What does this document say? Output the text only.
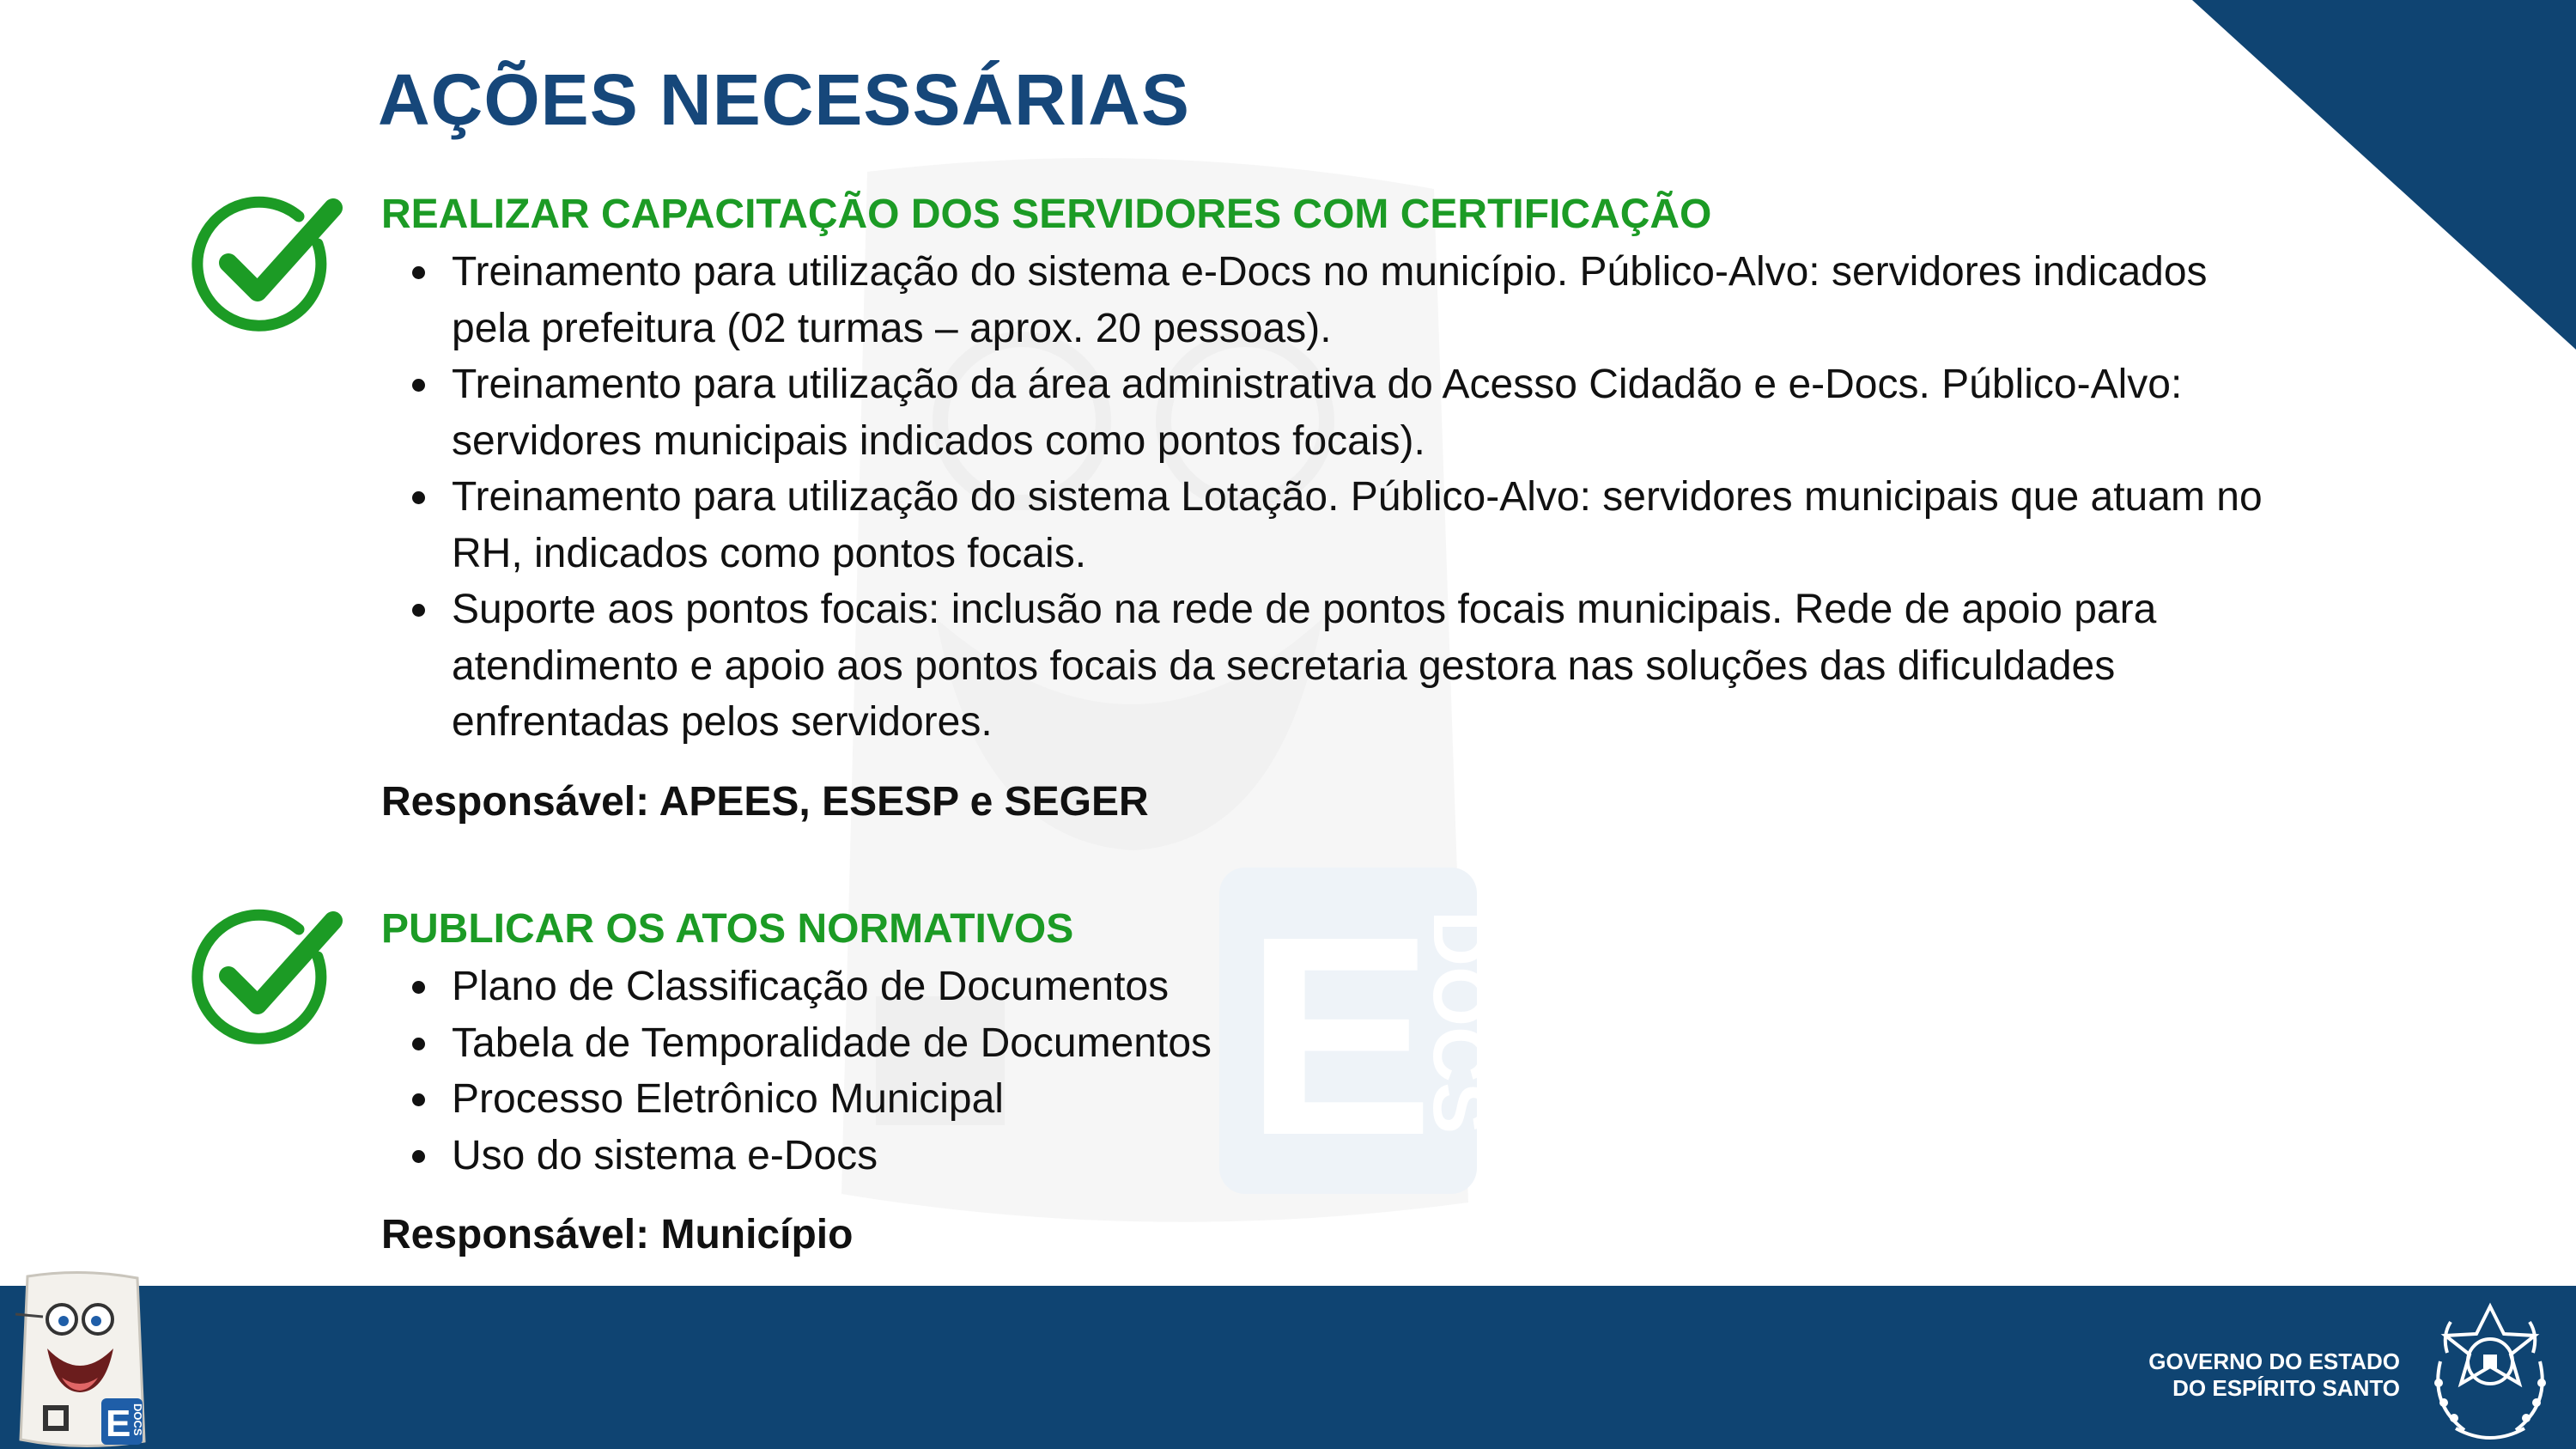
E
DOCS
AÇÕES NECESSÁRIAS
REALIZAR CAPACITAÇÃO DOS SERVIDORES COM CERTIFICAÇÃO
Treinamento para utilização do sistema e-Docs no município. Público-Alvo: servidores indicados pela prefeitura (02 turmas – aprox. 20 pessoas).
Treinamento para utilização da área administrativa do Acesso Cidadão e e-Docs. Público-Alvo: servidores municipais indicados como pontos focais).
Treinamento para utilização do sistema Lotação. Público-Alvo: servidores municipais que atuam no RH, indicados como pontos focais.
Suporte aos pontos focais: inclusão na rede de pontos focais municipais. Rede de apoio para atendimento e apoio aos pontos focais da secretaria gestora nas soluções das dificuldades enfrentadas pelos servidores.

Responsável: APEES, ESESP e SEGER

PUBLICAR OS ATOS NORMATIVOS
Plano de Classificação de Documentos
Tabela de Temporalidade de Documentos
Processo Eletrônico Municipal
Uso do sistema e-Docs

Responsável: Município

E DOCS
GOVERNO DO ESTADO
DO ESPÍRITO SANTO
